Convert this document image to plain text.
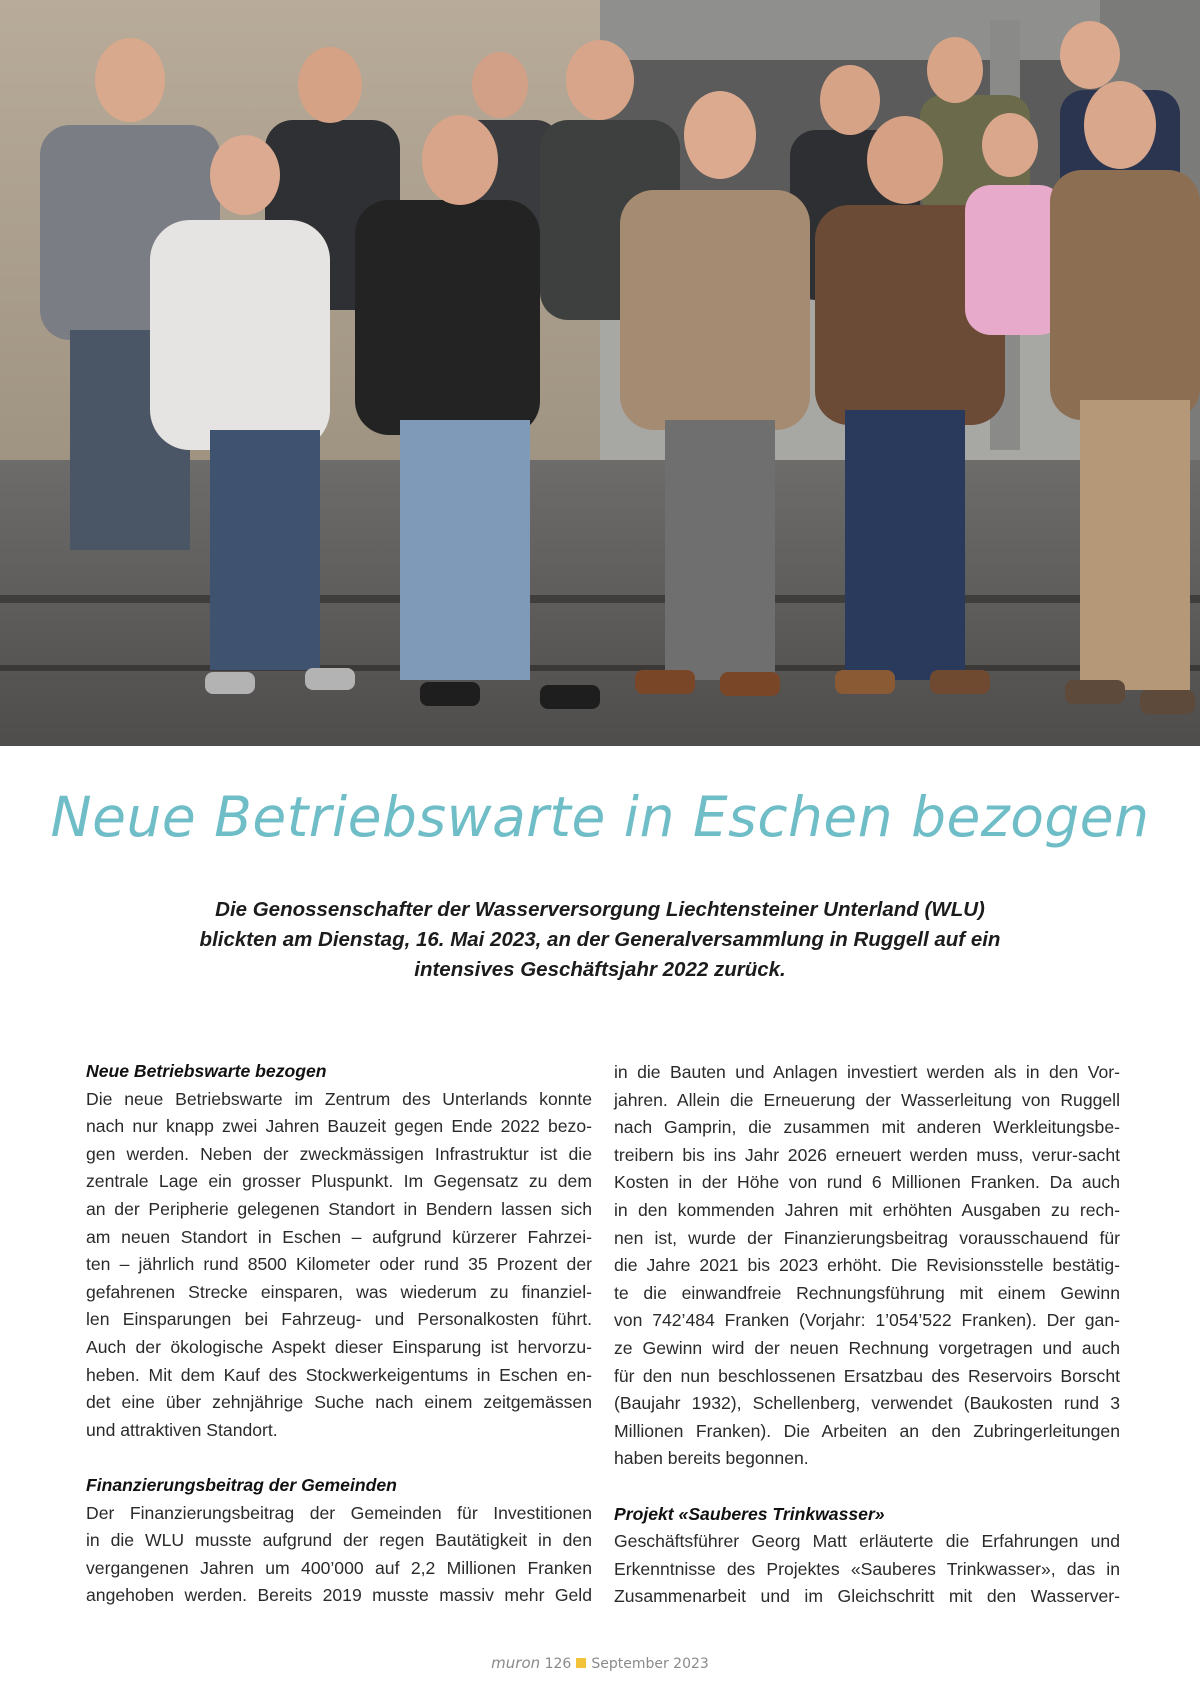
Neue Betriebswarte in Eschen bezogen
Die Genossenschafter der Wasserversorgung Liechtensteiner Unterland (WLU)
blickten am Dienstag, 16. Mai 2023, an der Generalversammlung in Ruggell auf ein
intensives Geschäftsjahr 2022 zurück.
Neue Betriebswarte bezogen

Die neue Betriebswarte im Zentrum des Unterlands konnte

nach nur knapp zwei Jahren Bauzeit gegen Ende 2022 bezo-

gen werden. Neben der zweckmässigen Infrastruktur ist die

zentrale Lage ein grosser Pluspunkt. Im Gegensatz zu dem

an der Peripherie gelegenen Standort in Bendern lassen sich

am neuen Standort in Eschen – aufgrund kürzerer Fahrzei-

ten – jährlich rund 8500 Kilometer oder rund 35 Prozent der

gefahrenen Strecke einsparen, was wiederum zu finanziel-

len Einsparungen bei Fahrzeug- und Personalkosten führt.

Auch der ökologische Aspekt dieser Einsparung ist hervorzu-

heben. Mit dem Kauf des Stockwerkeigentums in Eschen en-

det eine über zehnjährige Suche nach einem zeitgemässen

und attraktiven Standort.

Finanzierungsbeitrag der Gemeinden

Der Finanzierungsbeitrag der Gemeinden für Investitionen

in die WLU musste aufgrund der regen Bautätigkeit in den

vergangenen Jahren um 400’000 auf 2,2 Millionen Franken

angehoben werden. Bereits 2019 musste massiv mehr Geld

in die Bauten und Anlagen investiert werden als in den Vor-

jahren. Allein die Erneuerung der Wasserleitung von Ruggell

nach Gamprin, die zusammen mit anderen Werkleitungsbe-

treibern bis ins Jahr 2026 erneuert werden muss, verur-sacht

Kosten in der Höhe von rund 6 Millionen Franken. Da auch

in den kommenden Jahren mit erhöhten Ausgaben zu rech-

nen ist, wurde der Finanzierungsbeitrag vorausschauend für

die Jahre 2021 bis 2023 erhöht. Die Revisionsstelle bestätig-

te die einwandfreie Rechnungsführung mit einem Gewinn

von 742’484 Franken (Vorjahr: 1’054’522 Franken). Der gan-

ze Gewinn wird der neuen Rechnung vorgetragen und auch

für den nun beschlossenen Ersatzbau des Reservoirs Borscht

(Baujahr 1932), Schellenberg, verwendet (Baukosten rund 3

Millionen Franken). Die Arbeiten an den Zubringerleitungen

haben bereits begonnen.

Projekt «Sauberes Trinkwasser»

Geschäftsführer Georg Matt erläuterte die Erfahrungen und

Erkenntnisse des Projektes «Sauberes Trinkwasser», das in

Zusammenarbeit und im Gleichschritt mit den Wasserver-

muron 126 September 2023
